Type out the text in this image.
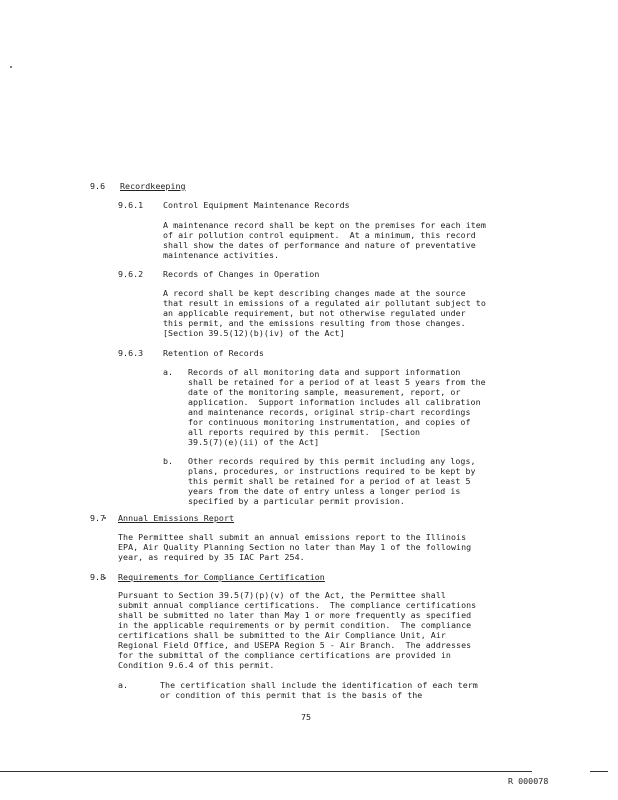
9.6 Recordkeeping
9.6.1 Control Equipment Maintenance Records
A maintenance record shall be kept on the premises for each item
of air pollution control equipment.  At a minimum, this record
shall show the dates of performance and nature of preventative
maintenance activities.
9.6.2 Records of Changes in Operation
A record shall be kept describing changes made at the source
that result in emissions of a regulated air pollutant subject to
an applicable requirement, but not otherwise regulated under
this permit, and the emissions resulting from those changes.
[Section 39.5(12)(b)(iv) of the Act]
9.6.3 Retention of Records
a. Records of all monitoring data and support information
shall be retained for a period of at least 5 years from the
date of the monitoring sample, measurement, report, or
application.  Support information includes all calibration
and maintenance records, original strip-chart recordings
for continuous monitoring instrumentation, and copies of
all reports required by this permit.  [Section
39.5(7)(e)(ii) of the Act]
b. Other records required by this permit including any logs,
plans, procedures, or instructions required to be kept by
this permit shall be retained for a period of at least 5
years from the date of entry unless a longer period is
specified by a particular permit provision.
9.7 Annual Emissions Report
The Permittee shall submit an annual emissions report to the Illinois
EPA, Air Quality Planning Section no later than May 1 of the following
year, as required by 35 IAC Part 254.
9.8 Requirements for Compliance Certification
Pursuant to Section 39.5(7)(p)(v) of the Act, the Permittee shall
submit annual compliance certifications.  The compliance certifications
shall be submitted no later than May 1 or more frequently as specified
in the applicable requirements or by permit condition.  The compliance
certifications shall be submitted to the Air Compliance Unit, Air
Regional Field Office, and USEPA Region 5 - Air Branch.  The addresses
for the submittal of the compliance certifications are provided in
Condition 9.6.4 of this permit.
a.	The certification shall include the identification of each term
or condition of this permit that is the basis of the
75
R 000078
